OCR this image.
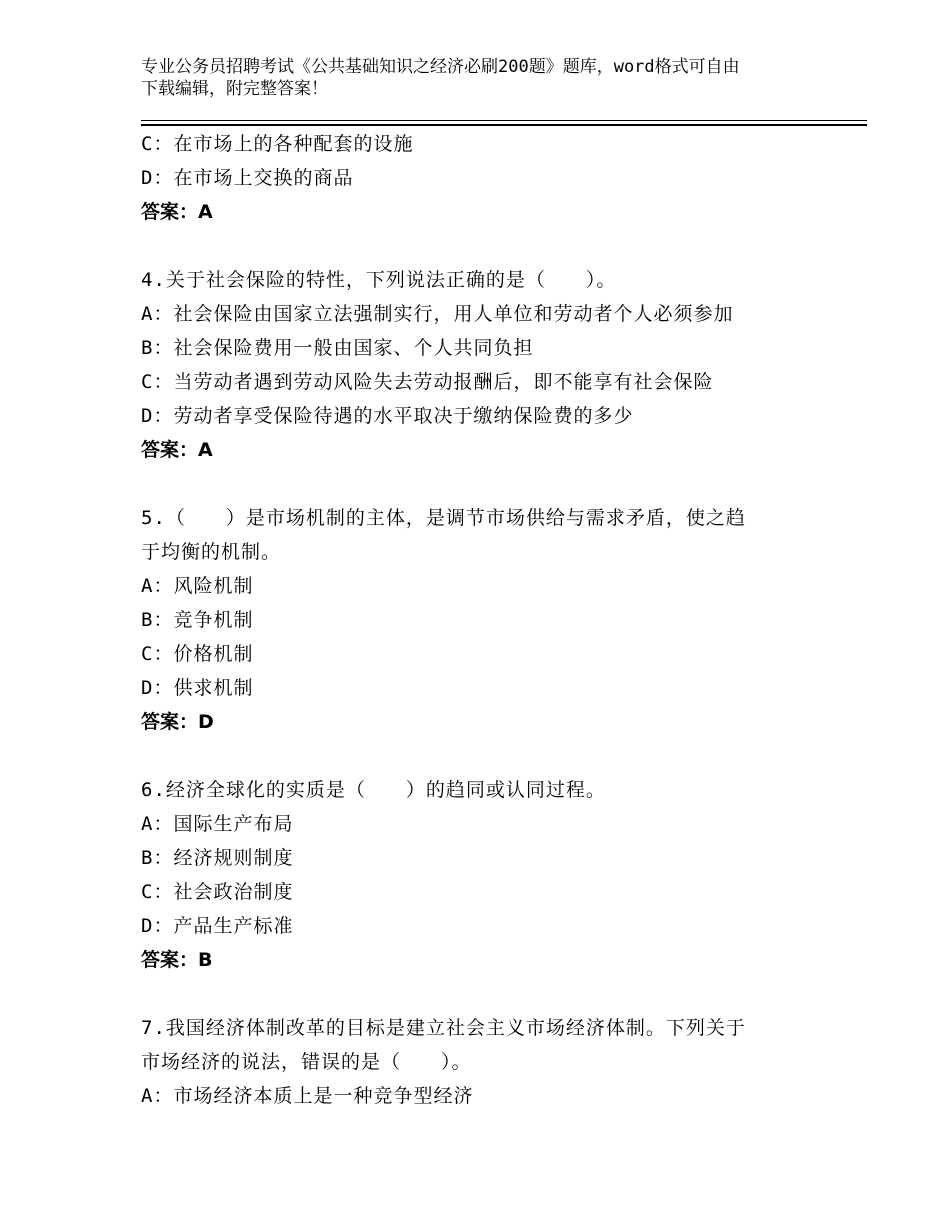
专业公务员招聘考试《公共基础知识之经济必刷200题》题库，word格式可自由
下载编辑，附完整答案！
C：在市场上的各种配套的设施
D：在市场上交换的商品
答案：A
4.关于社会保险的特性，下列说法正确的是（　　）。
A：社会保险由国家立法强制实行，用人单位和劳动者个人必须参加
B：社会保险费用一般由国家、个人共同负担
C：当劳动者遇到劳动风险失去劳动报酬后，即不能享有社会保险
D：劳动者享受保险待遇的水平取决于缴纳保险费的多少
答案：A
5.（　　）是市场机制的主体，是调节市场供给与需求矛盾，使之趋
于均衡的机制。
A：风险机制
B：竞争机制
C：价格机制
D：供求机制
答案：D
6.经济全球化的实质是（　　）的趋同或认同过程。
A：国际生产布局
B：经济规则制度
C：社会政治制度
D：产品生产标准
答案：B
7.我国经济体制改革的目标是建立社会主义市场经济体制。下列关于
市场经济的说法，错误的是（　　）。
A：市场经济本质上是一种竞争型经济
